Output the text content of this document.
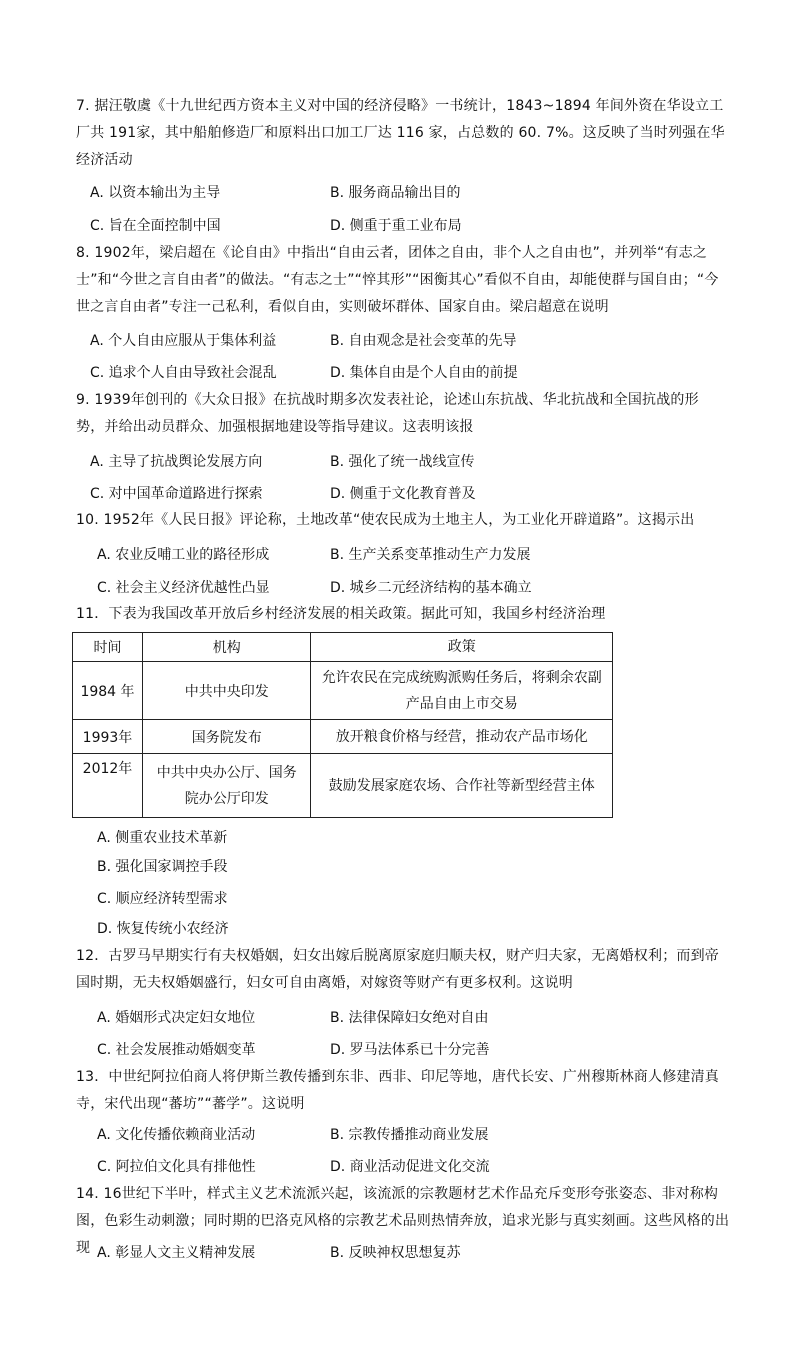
7. 据汪敬虞《十九世纪西方资本主义对中国的经济侵略》一书统计，1843~1894 年间外资在华设立工厂共 191家，其中船舶修造厂和原料出口加工厂达 116 家，占总数的 60. 7%。这反映了当时列强在华经济活动
A. 以资本输出为主导	B. 服务商品输出目的
C. 旨在全面控制中国	D. 侧重于重工业布局
8. 1902年，梁启超在《论自由》中指出“自由云者，团体之自由，非个人之自由也”，并列举“有志之士”和“今世之言自由者”的做法。“有志之士”“悴其形”“困衡其心”看似不自由，却能使群与国自由；“今世之言自由者”专注一己私利，看似自由，实则破坏群体、国家自由。梁启超意在说明
A. 个人自由应服从于集体利益	B. 自由观念是社会变革的先导
C. 追求个人自由导致社会混乱	D. 集体自由是个人自由的前提
9. 1939年创刊的《大众日报》在抗战时期多次发表社论，论述山东抗战、华北抗战和全国抗战的形势，并给出动员群众、加强根据地建设等指导建议。这表明该报
A. 主导了抗战舆论发展方向	B. 强化了统一战线宣传
C. 对中国革命道路进行探索	D. 侧重于文化教育普及
10. 1952年《人民日报》评论称，土地改革“使农民成为土地主人，为工业化开辟道路”。这揭示出
A. 农业反哺工业的路径形成	B. 生产关系变革推动生产力发展
C. 社会主义经济优越性凸显	D. 城乡二元经济结构的基本确立
11．下表为我国改革开放后乡村经济发展的相关政策。据此可知，我国乡村经济治理
时间	机构	政策
1984 年	中共中央印发	允许农民在完成统购派购任务后，将剩余农副产品自由上市交易
1993年	国务院发布	放开粮食价格与经营，推动农产品市场化
2012年	中共中央办公厅、国务院办公厅印发	鼓励发展家庭农场、合作社等新型经营主体
A. 侧重农业技术革新
B. 强化国家调控手段
C. 顺应经济转型需求
D. 恢复传统小农经济
12．古罗马早期实行有夫权婚姻，妇女出嫁后脱离原家庭归顺夫权，财产归夫家，无离婚权利；而到帝国时期，无夫权婚姻盛行，妇女可自由离婚，对嫁资等财产有更多权利。这说明
A. 婚姻形式决定妇女地位	B. 法律保障妇女绝对自由
C. 社会发展推动婚姻变革	D. 罗马法体系已十分完善
13．中世纪阿拉伯商人将伊斯兰教传播到东非、西非、印尼等地，唐代长安、广州穆斯林商人修建清真寺，宋代出现“蕃坊”“蕃学”。这说明
A. 文化传播依赖商业活动	B. 宗教传播推动商业发展
C. 阿拉伯文化具有排他性	D. 商业活动促进文化交流
14. 16世纪下半叶，样式主义艺术流派兴起，该流派的宗教题材艺术作品充斥变形夸张姿态、非对称构图，色彩生动刺激；同时期的巴洛克风格的宗教艺术品则热情奔放，追求光影与真实刻画。这些风格的出现 A. 彰显人文主义精神发展	B. 反映神权思想复苏
